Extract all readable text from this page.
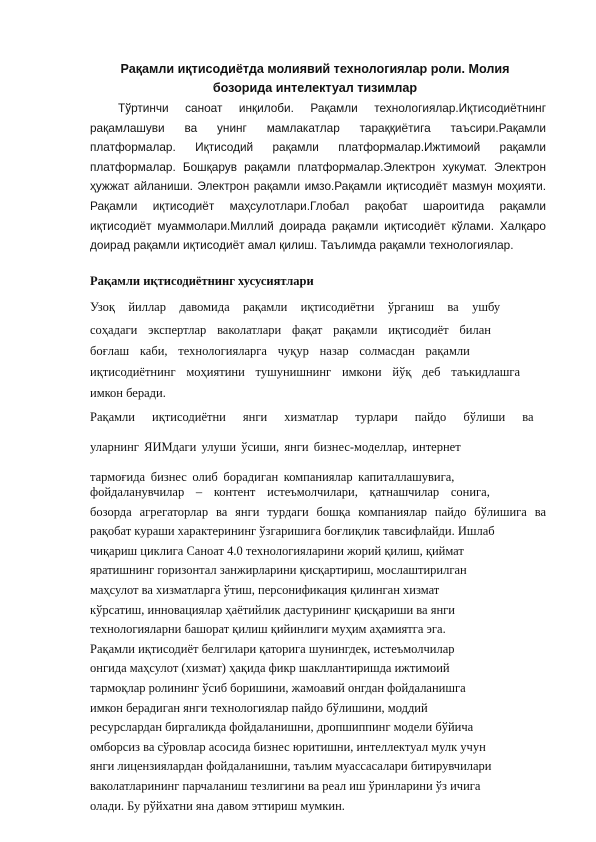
Рақамли иқтисодиётда молиявий технологиялар роли. Молия
бозорида интелектуал тизимлар

Тўртинчи саноат инқилоби. Рақамли технологиялар.Иқтисодиётнинг рақамлашуви ва унинг мамлакатлар тараққиётига таъсири.Рақамли платформалар. Иқтисодий рақамли платформалар.Ижтимоий рақамли платформалар. Бошқарув рақамли платформалар.Электрон хукумат. Электрон ҳужжат айланиши. Электрон рақамли имзо.Рақамли иқтисодиёт мазмун моҳияти. Рақамли иқтисодиёт маҳсулотлари.Глобал рақобат шароитида рақамли иқтисодиёт муаммолари.Миллий доирада рақамли иқтисодиёт кўлами. Халқаро доирад рақамли иқтисодиёт амал қилиш. Таълимда рақамли технологиялар.

Рақамли иқтисодиётнинг хусусиятлари
Узоқ йиллар давомида рақамли иқтисодиётни ўрганиш ва ушбу
соҳадаги экспертлар ваколатлари фақат рақамли иқтисодиёт билан
боғлаш каби, технологияларга чуқур назар солмасдан рақамли
иқтисодиётнинг моҳиятини тушунишнинг имкони йўқ деб таъкидлашга
имкон беради.
Рақамли иқтисодиётни янги хизматлар турлари пайдо бўлиши ва
уларнинг ЯИМдаги улуши ўсиши, янги бизнес-моделлар, интернет
тармоғида бизнес олиб борадиган компаниялар капиталлашувига,
фойдаланувчилар – контент истеъмолчилари, қатнашчилар сонига,
бозорда агрегаторлар ва янги турдаги бошқа компаниялар пайдо бўлишига ва
рақобат кураши характерининг ўзгаришига боғлиқлик тавсифлайди. Ишлаб
чиқариш циклига Саноат 4.0 технологияларини жорий қилиш, қиймат
яратишнинг горизонтал занжирларини қисқартириш, мослаштирилган
маҳсулот ва хизматларга ўтиш, персонификация қилинган хизмат
кўрсатиш, инновациялар ҳаётийлик дастурининг қисқариши ва янги
технологияларни башорат қилиш қийинлиги муҳим аҳамиятга эга.
Рақамли иқтисодиёт белгилари қаторига шунингдек, истеъмолчилар
онгида маҳсулот (хизмат) ҳақида фикр шакллантиришда ижтимоий
тармоқлар ролининг ўсиб боришини, жамоавий онгдан фойдаланишга
имкон берадиган янги технологиялар пайдо бўлишини, моддий
ресурслардан биргаликда фойдаланишни, дропшиппинг модели бўйича
омборсиз ва сўровлар асосида бизнес юритишни, интеллектуал мулк учун
янги лицензиялардан фойдаланишни, таълим муассасалари битирувчилари
ваколатларининг парчаланиш тезлигини ва реал иш ўринларини ўз ичига
олади. Бу рўйхатни яна давом эттириш мумкин.
